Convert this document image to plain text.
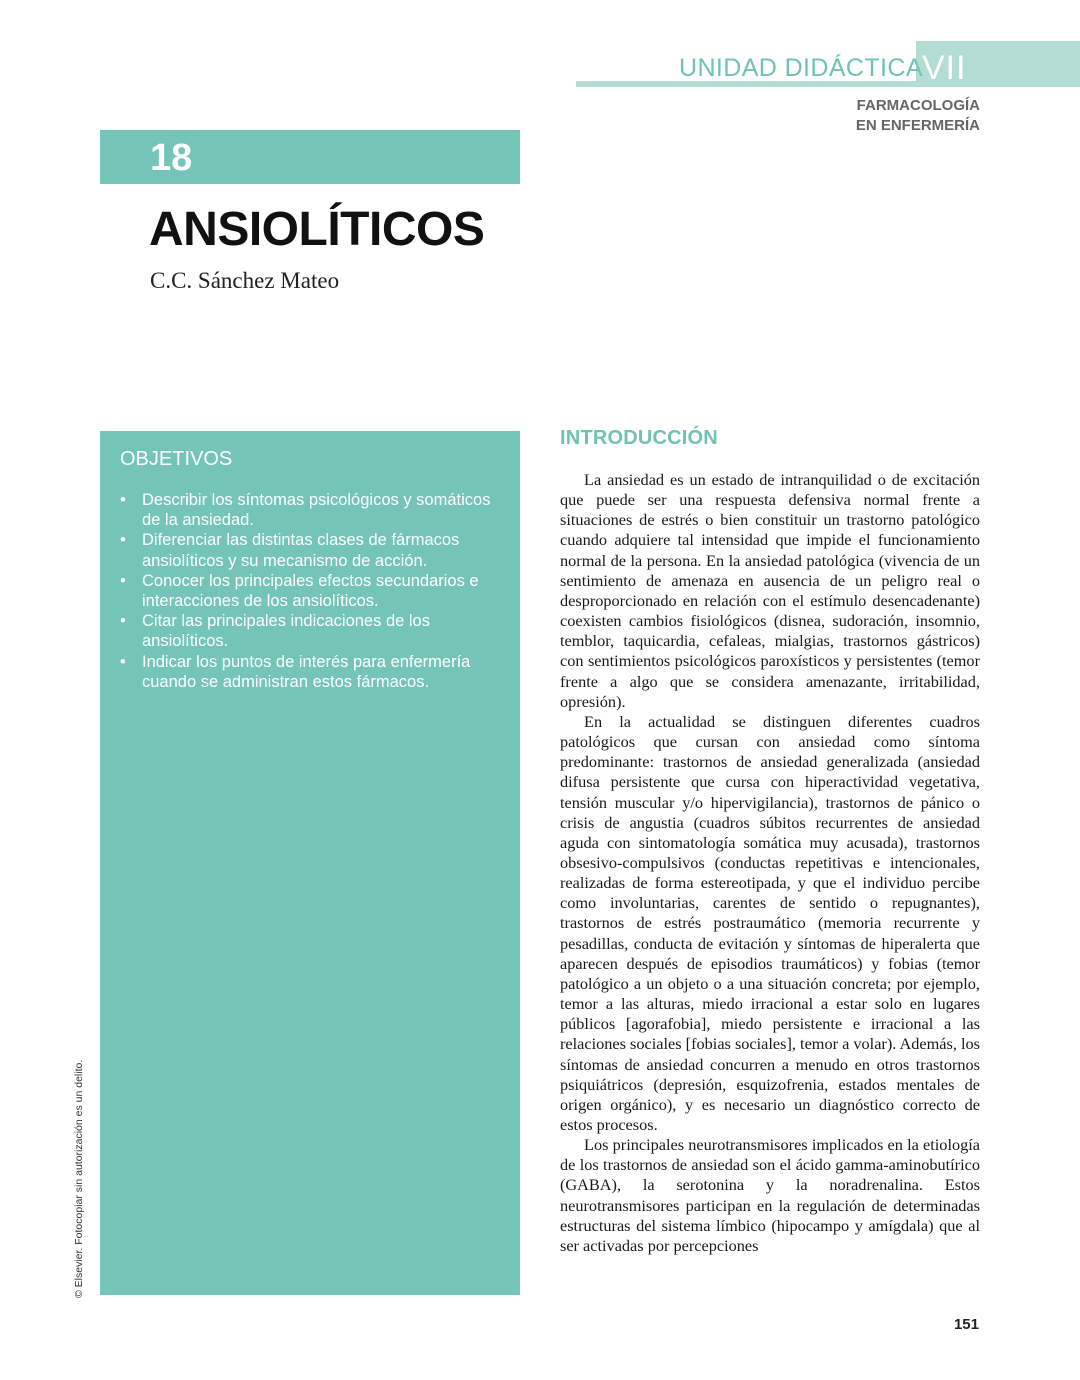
UNIDAD DIDÁCTICA VII
FARMACOLOGÍA
EN ENFERMERÍA
18
ANSIOLÍTICOS
C.C. Sánchez Mateo
OBJETIVOS
• Describir los síntomas psicológicos y somáticos de la ansiedad.
• Diferenciar las distintas clases de fármacos ansiolíticos y su mecanismo de acción.
• Conocer los principales efectos secundarios e interacciones de los ansiolíticos.
• Citar las principales indicaciones de los ansiolíticos.
• Indicar los puntos de interés para enfermería cuando se administran estos fármacos.
© Elsevier. Fotocopiar sin autorización es un delito.
INTRODUCCIÓN

La ansiedad es un estado de intranquilidad o de excitación que puede ser una respuesta defensiva normal frente a situaciones de estrés o bien constituir un trastorno patológico cuando adquiere tal intensidad que impide el funcionamiento normal de la persona. En la ansiedad patológica (vivencia de un sentimiento de amenaza en ausencia de un peligro real o desproporcionado en relación con el estímulo desencadenante) coexisten cambios fisiológicos (disnea, sudoración, insomnio, temblor, taquicardia, cefaleas, mialgias, trastornos gástricos) con sentimientos psicológicos paroxísticos y persistentes (temor frente a algo que se considera amenazante, irritabilidad, opresión).

En la actualidad se distinguen diferentes cuadros patológicos que cursan con ansiedad como síntoma predominante: trastornos de ansiedad generalizada (ansiedad difusa persistente que cursa con hiperactividad vegetativa, tensión muscular y/o hipervigilancia), trastornos de pánico o crisis de angustia (cuadros súbitos recurrentes de ansiedad aguda con sintomatología somática muy acusada), trastornos obsesivo-compulsivos (conductas repetitivas e intencionales, realizadas de forma estereotipada, y que el individuo percibe como involuntarias, carentes de sentido o repugnantes), trastornos de estrés postraumático (memoria recurrente y pesadillas, conducta de evitación y síntomas de hiperalerta que aparecen después de episodios traumáticos) y fobias (temor patológico a un objeto o a una situación concreta; por ejemplo, temor a las alturas, miedo irracional a estar solo en lugares públicos [agorafobia], miedo persistente e irracional a las relaciones sociales [fobias sociales], temor a volar). Además, los síntomas de ansiedad concurren a menudo en otros trastornos psiquiátricos (depresión, esquizofrenia, estados mentales de origen orgánico), y es necesario un diagnóstico correcto de estos procesos.

Los principales neurotransmisores implicados en la etiología de los trastornos de ansiedad son el ácido gamma-aminobutírico (GABA), la serotonina y la noradrenalina. Estos neurotransmisores participan en la regulación de determinadas estructuras del sistema límbico (hipocampo y amígdala) que al ser activadas por percepciones

151
